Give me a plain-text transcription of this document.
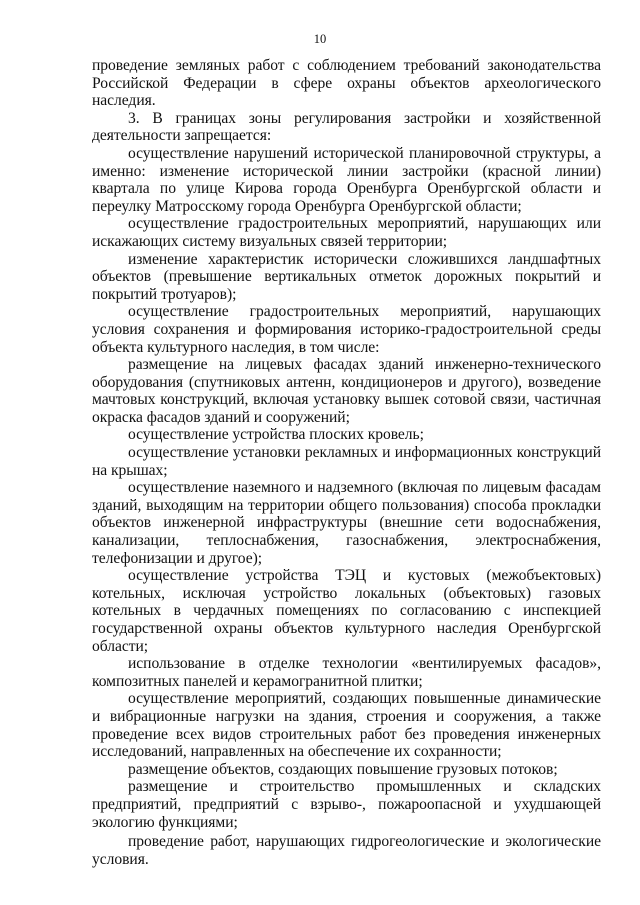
10

проведение земляных работ с соблюдением требований законодательства Российской Федерации в сфере охраны объектов археологического наследия.

3. В границах зоны регулирования застройки и хозяйственной деятельности запрещается:

осуществление нарушений исторической планировочной структуры, а именно: изменение исторической линии застройки (красной линии) квартала по улице Кирова города Оренбурга Оренбургской области и переулку Матросскому города Оренбурга Оренбургской области;

осуществление градостроительных мероприятий, нарушающих или искажающих систему визуальных связей территории;

изменение характеристик исторически сложившихся ландшафтных объектов (превышение вертикальных отметок дорожных покрытий и покрытий тротуаров);

осуществление градостроительных мероприятий, нарушающих условия сохранения и формирования историко-градостроительной среды объекта культурного наследия, в том числе:

размещение на лицевых фасадах зданий инженерно-технического оборудования (спутниковых антенн, кондиционеров и другого), возведение мачтовых конструкций, включая установку вышек сотовой связи, частичная окраска фасадов зданий и сооружений;

осуществление устройства плоских кровель;

осуществление установки рекламных и информационных конструкций на крышах;

осуществление наземного и надземного (включая по лицевым фасадам зданий, выходящим на территории общего пользования) способа прокладки объектов инженерной инфраструктуры (внешние сети водоснабжения, канализации, теплоснабжения, газоснабжения, электроснабжения, телефонизации и другое);

осуществление устройства ТЭЦ и кустовых (межобъектовых) котельных, исключая устройство локальных (объектовых) газовых котельных в чердачных помещениях по согласованию с инспекцией государственной охраны объектов культурного наследия Оренбургской области;

использование в отделке технологии «вентилируемых фасадов», композитных панелей и керамогранитной плитки;

осуществление мероприятий, создающих повышенные динамические и вибрационные нагрузки на здания, строения и сооружения, а также проведение всех видов строительных работ без проведения инженерных исследований, направленных на обеспечение их сохранности;

размещение объектов, создающих повышение грузовых потоков;

размещение и строительство промышленных и складских предприятий, предприятий с взрыво-, пожароопасной и ухудшающей экологию функциями;

проведение работ, нарушающих гидрогеологические и экологические условия.
